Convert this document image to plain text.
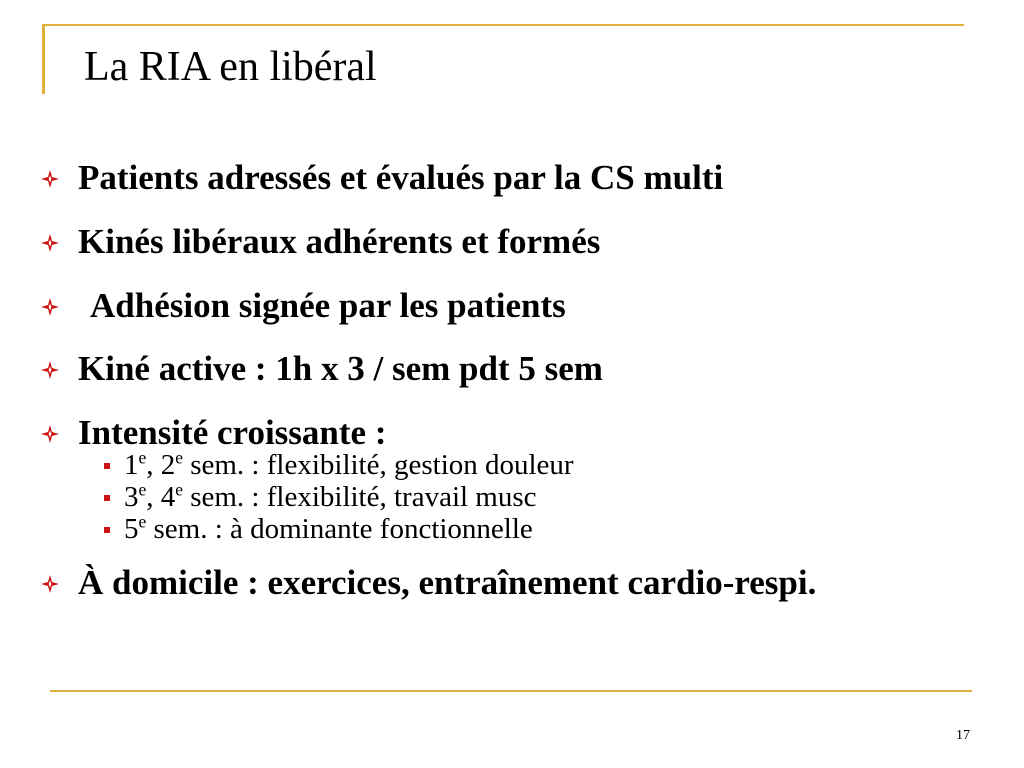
La RIA en libéral
Patients adressés et évalués par la CS multi
Kinés libéraux adhérents et formés
Adhésion signée par les patients
Kiné active : 1h x 3 / sem pdt 5 sem
Intensité croissante :
1e, 2e sem. : flexibilité, gestion douleur
3e, 4e sem. : flexibilité, travail musc
5e sem. : à dominante fonctionnelle
À domicile : exercices, entraînement cardio-respi.
17
